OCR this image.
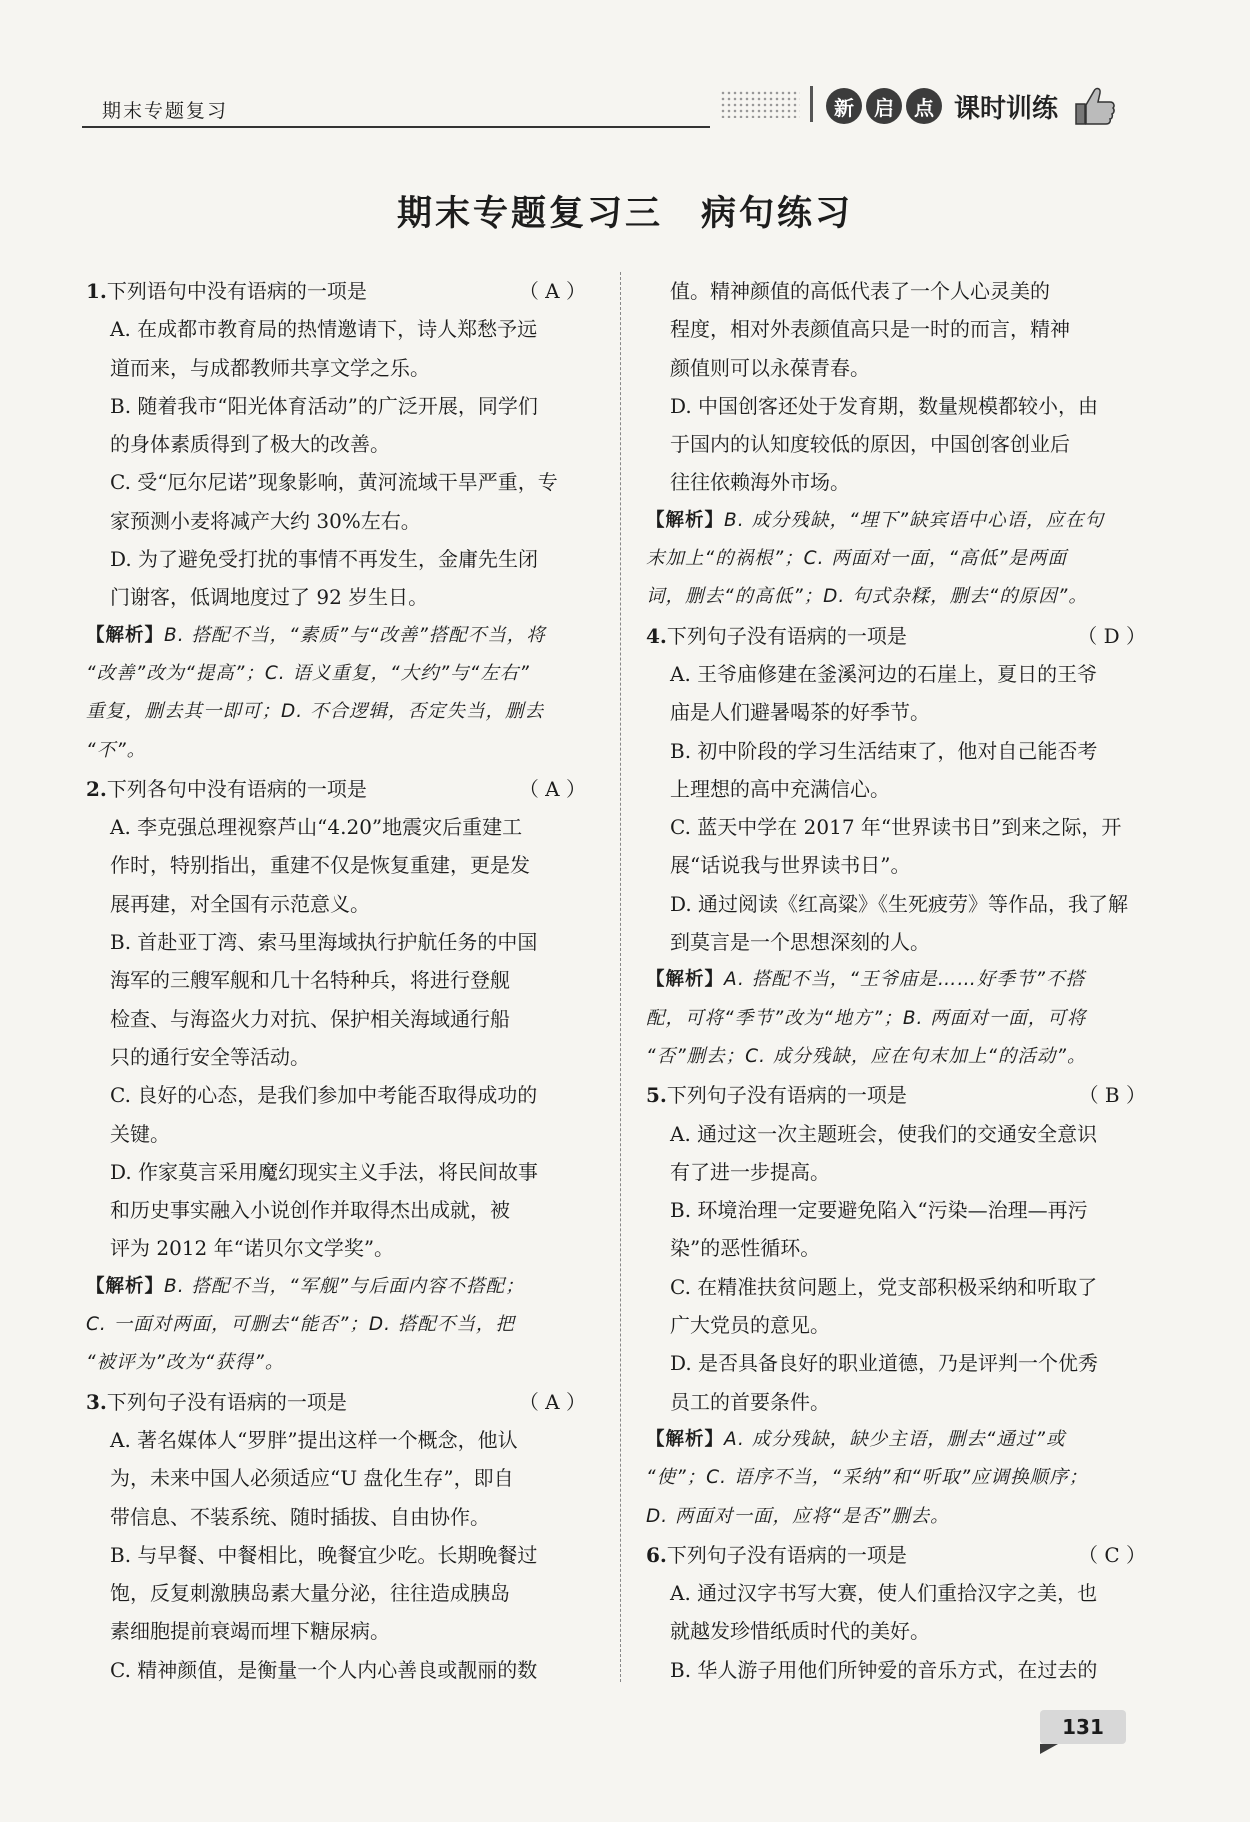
期末专题复习	新	启	点 课时训练
期末专题复习三　病句练习
1.下列语句中没有语病的一项是	（ A ）
A. 在成都市教育局的热情邀请下，诗人郑愁予远
道而来，与成都教师共享文学之乐。
B. 随着我市“阳光体育活动”的广泛开展，同学们
的身体素质得到了极大的改善。
C. 受“厄尔尼诺”现象影响，黄河流域干旱严重，专
家预测小麦将减产大约 30%左右。
D. 为了避免受打扰的事情不再发生，金庸先生闭
门谢客，低调地度过了 92 岁生日。
【解析】B. 搭配不当，“素质”与“改善”搭配不当，将
“改善”改为“提高”；C. 语义重复，“大约”与“左右”
重复，删去其一即可；D. 不合逻辑，否定失当，删去
“不”。
2.下列各句中没有语病的一项是	（ A ）
A. 李克强总理视察芦山“4.20”地震灾后重建工
作时，特别指出，重建不仅是恢复重建，更是发
展再建，对全国有示范意义。
B. 首赴亚丁湾、索马里海域执行护航任务的中国
海军的三艘军舰和几十名特种兵，将进行登舰
检查、与海盗火力对抗、保护相关海域通行船
只的通行安全等活动。
C. 良好的心态，是我们参加中考能否取得成功的
关键。
D. 作家莫言采用魔幻现实主义手法，将民间故事
和历史事实融入小说创作并取得杰出成就，被
评为 2012 年“诺贝尔文学奖”。
【解析】B. 搭配不当，“军舰”与后面内容不搭配；
C. 一面对两面，可删去“能否”；D. 搭配不当，把
“被评为”改为“获得”。
3.下列句子没有语病的一项是	（ A ）
A. 著名媒体人“罗胖”提出这样一个概念，他认
为，未来中国人必须适应“U 盘化生存”，即自
带信息、不装系统、随时插拔、自由协作。
B. 与早餐、中餐相比，晚餐宜少吃。长期晚餐过
饱，反复刺激胰岛素大量分泌，往往造成胰岛
素细胞提前衰竭而埋下糖尿病。
C. 精神颜值，是衡量一个人内心善良或靓丽的数
值。精神颜值的高低代表了一个人心灵美的
程度，相对外表颜值高只是一时的而言，精神
颜值则可以永葆青春。
D. 中国创客还处于发育期，数量规模都较小，由
于国内的认知度较低的原因，中国创客创业后
往往依赖海外市场。
【解析】B. 成分残缺，“埋下”缺宾语中心语，应在句
末加上“的祸根”；C. 两面对一面，“高低”是两面
词，删去“的高低”；D. 句式杂糅，删去“的原因”。
4.下列句子没有语病的一项是	（ D ）
A. 王爷庙修建在釜溪河边的石崖上，夏日的王爷
庙是人们避暑喝茶的好季节。
B. 初中阶段的学习生活结束了，他对自己能否考
上理想的高中充满信心。
C. 蓝天中学在 2017 年“世界读书日”到来之际，开
展“话说我与世界读书日”。
D. 通过阅读《红高粱》《生死疲劳》等作品，我了解
到莫言是一个思想深刻的人。
【解析】A. 搭配不当，“王爷庙是……好季节”不搭
配，可将“季节”改为“地方”；B. 两面对一面，可将
“否”删去；C. 成分残缺，应在句末加上“的活动”。
5.下列句子没有语病的一项是	（ B ）
A. 通过这一次主题班会，使我们的交通安全意识
有了进一步提高。
B. 环境治理一定要避免陷入“污染—治理—再污
染”的恶性循环。
C. 在精准扶贫问题上，党支部积极采纳和听取了
广大党员的意见。
D. 是否具备良好的职业道德，乃是评判一个优秀
员工的首要条件。
【解析】A. 成分残缺，缺少主语，删去“通过”或
“使”；C. 语序不当，“采纳”和“听取”应调换顺序；
D. 两面对一面，应将“是否”删去。
6.下列句子没有语病的一项是	（ C ）
A. 通过汉字书写大赛，使人们重拾汉字之美，也
就越发珍惜纸质时代的美好。
B. 华人游子用他们所钟爱的音乐方式，在过去的
131
